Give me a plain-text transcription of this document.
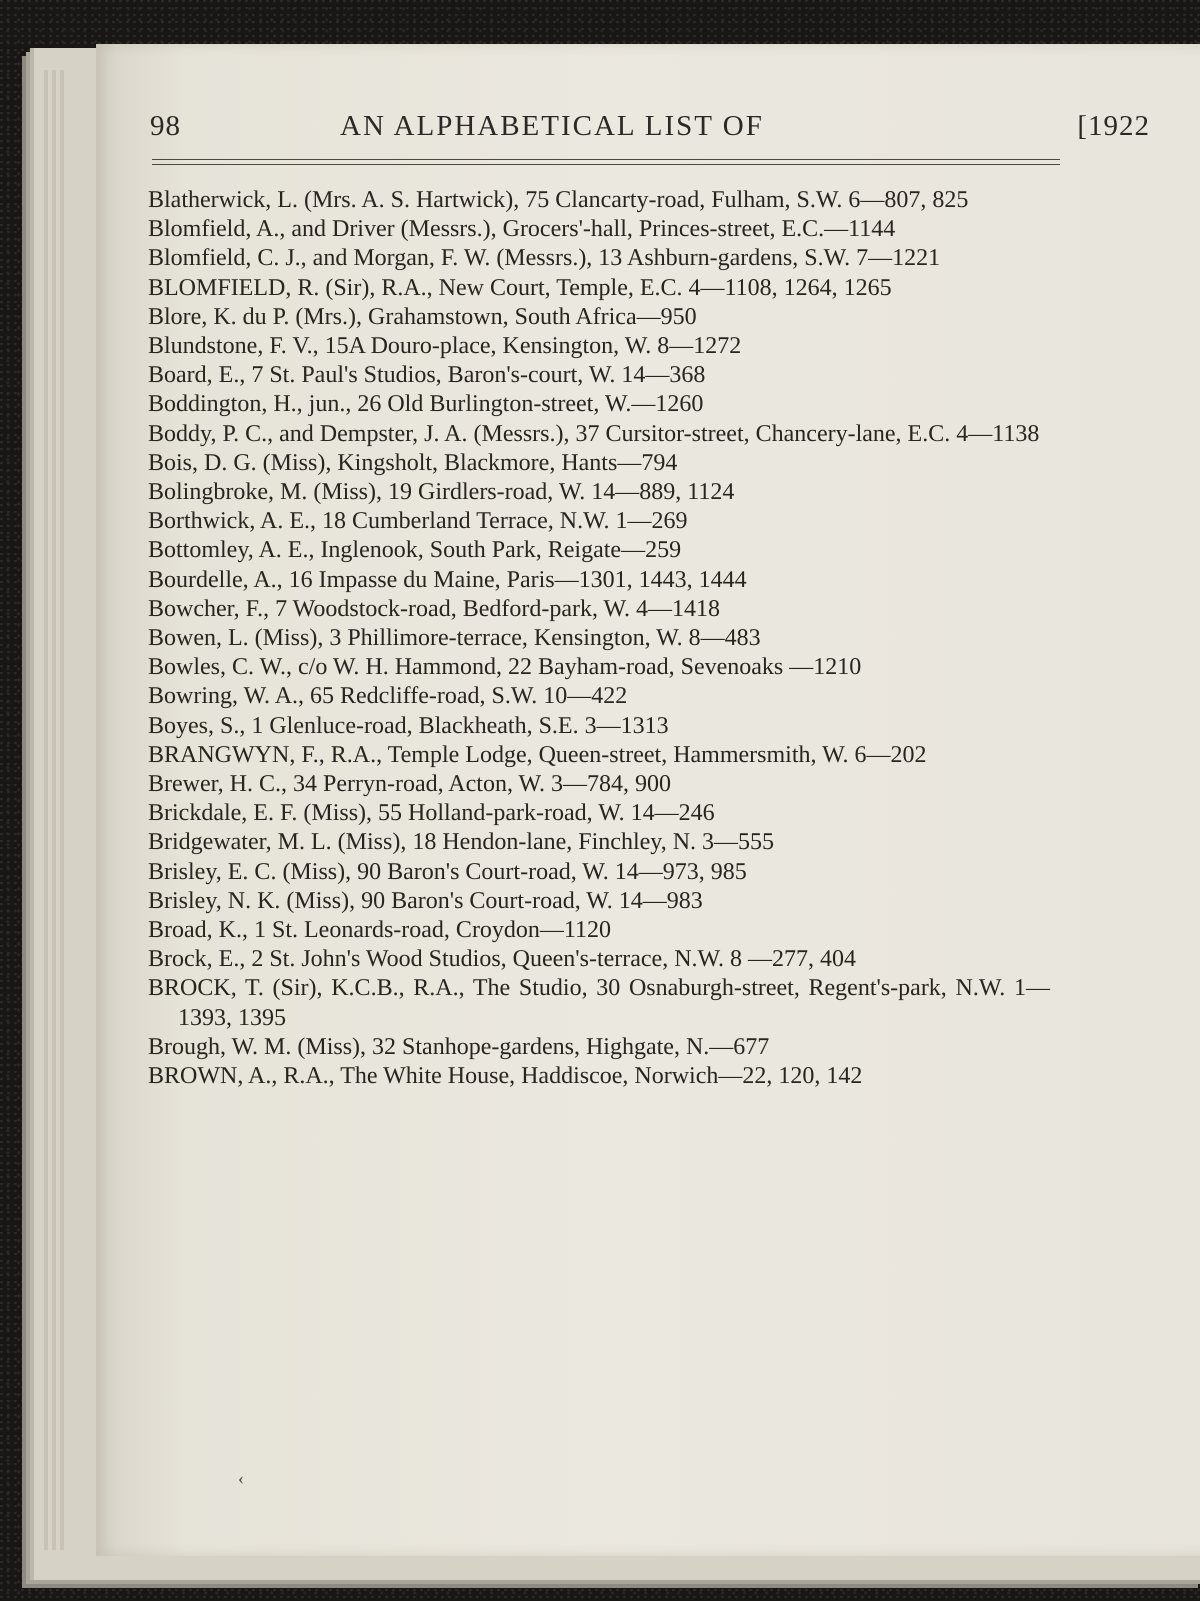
98	AN ALPHABETICAL LIST OF	[1922

Blatherwick, L. (Mrs. A. S. Hartwick), 75 Clancarty-road, Fulham, S.W. 6—807, 825

Blomfield, A., and Driver (Messrs.), Grocers'-hall, Princes-street, E.C.—1144

Blomfield, C. J., and Morgan, F. W. (Messrs.), 13 Ashburn-gardens, S.W. 7—1221

BLOMFIELD, R. (Sir), R.A., New Court, Temple, E.C. 4—1108, 1264, 1265

Blore, K. du P. (Mrs.), Grahamstown, South Africa—950

Blundstone, F. V., 15A Douro-place, Kensington, W. 8—1272

Board, E., 7 St. Paul's Studios, Baron's-court, W. 14—368

Boddington, H., jun., 26 Old Burlington-street, W.—1260

Boddy, P. C., and Dempster, J. A. (Messrs.), 37 Cursitor-street, Chancery-lane, E.C. 4—1138

Bois, D. G. (Miss), Kingsholt, Blackmore, Hants—794

Bolingbroke, M. (Miss), 19 Girdlers-road, W. 14—889, 1124

Borthwick, A. E., 18 Cumberland Terrace, N.W. 1—269

Bottomley, A. E., Inglenook, South Park, Reigate—259

Bourdelle, A., 16 Impasse du Maine, Paris—1301, 1443, 1444

Bowcher, F., 7 Woodstock-road, Bedford-park, W. 4—1418

Bowen, L. (Miss), 3 Phillimore-terrace, Kensington, W. 8—483

Bowles, C. W., c/o W. H. Hammond, 22 Bayham-road, Sevenoaks —1210

Bowring, W. A., 65 Redcliffe-road, S.W. 10—422

Boyes, S., 1 Glenluce-road, Blackheath, S.E. 3—1313

BRANGWYN, F., R.A., Temple Lodge, Queen-street, Hammersmith, W. 6—202

Brewer, H. C., 34 Perryn-road, Acton, W. 3—784, 900

Brickdale, E. F. (Miss), 55 Holland-park-road, W. 14—246

Bridgewater, M. L. (Miss), 18 Hendon-lane, Finchley, N. 3—555

Brisley, E. C. (Miss), 90 Baron's Court-road, W. 14—973, 985

Brisley, N. K. (Miss), 90 Baron's Court-road, W. 14—983

Broad, K., 1 St. Leonards-road, Croydon—1120

Brock, E., 2 St. John's Wood Studios, Queen's-terrace, N.W. 8 —277, 404

BROCK, T. (Sir), K.C.B., R.A., The Studio, 30 Osnaburgh-street, Regent's-park, N.W. 1—1393, 1395

Brough, W. M. (Miss), 32 Stanhope-gardens, Highgate, N.—677

BROWN, A., R.A., The White House, Haddiscoe, Norwich—22, 120, 142

‹
